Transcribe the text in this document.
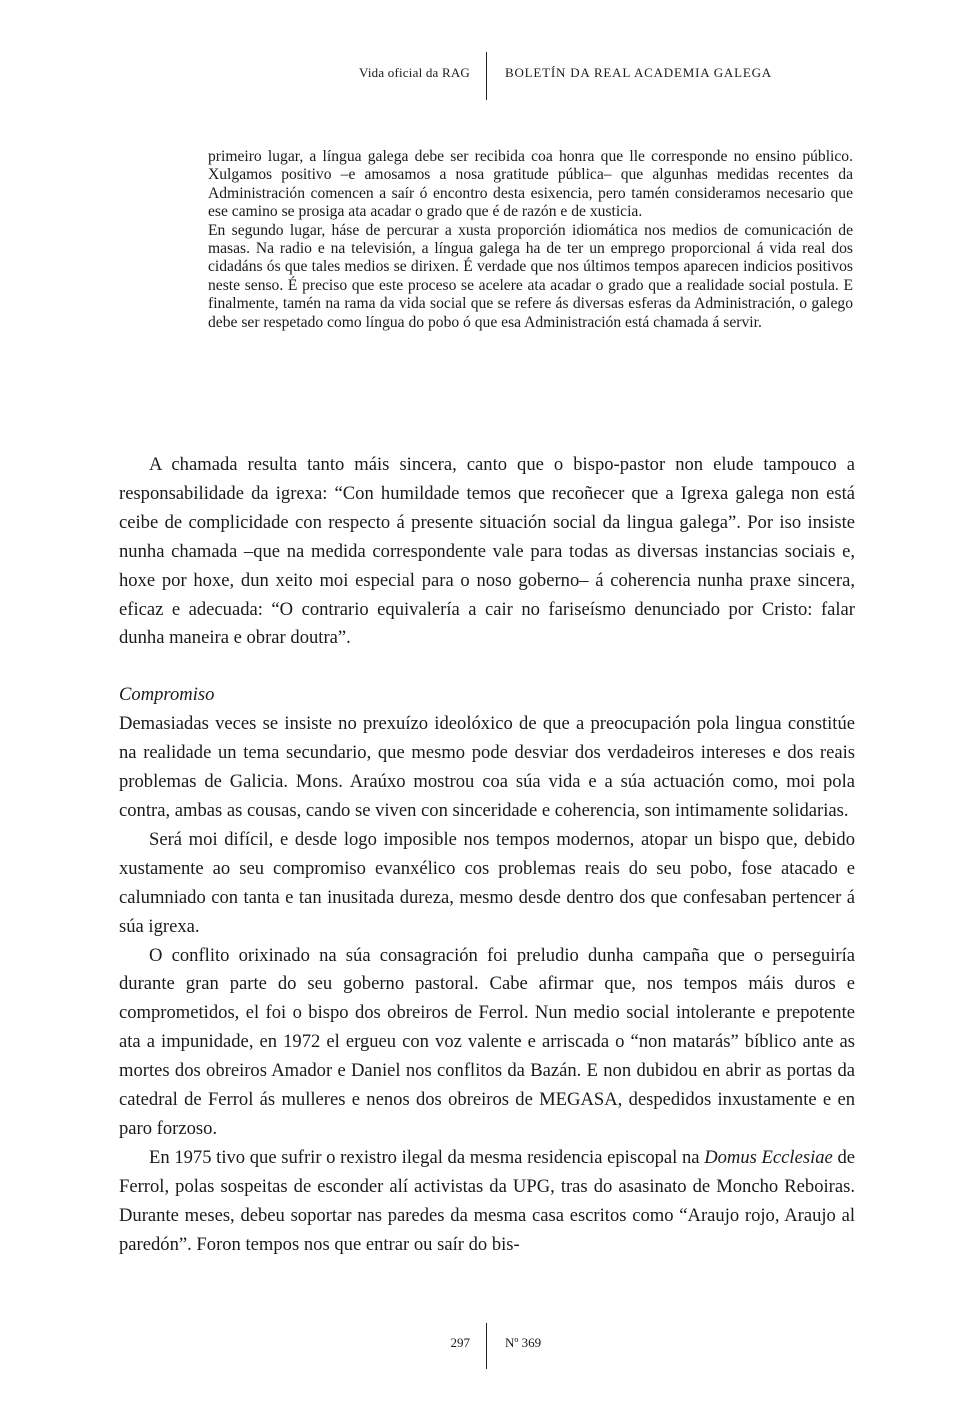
Vida oficial da RAG	BOLETÍN DA REAL ACADEMIA GALEGA

primeiro lugar, a língua galega debe ser recibida coa honra que lle corresponde no ensino público. Xulgamos positivo –e amosamos a nosa gratitude pública– que algunhas medidas recentes da Administración comencen a saír ó encontro desta esixencia, pero tamén consideramos necesario que ese camino se prosiga ata acadar o grado que é de razón e de xusticia.

En segundo lugar, háse de percurar a xusta proporción idiomática nos medios de comunicación de masas. Na radio e na televisión, a língua galega ha de ter un emprego proporcional á vida real dos cidadáns ós que tales medios se dirixen. É verdade que nos últimos tempos aparecen indicios positivos neste senso. É preciso que este proceso se acelere ata acadar o grado que a realidade social postula. E finalmente, tamén na rama da vida social que se refere ás diversas esferas da Administración, o galego debe ser respetado como língua do pobo ó que esa Administración está chamada á servir.

A chamada resulta tanto máis sincera, canto que o bispo-pastor non elude tampouco a responsabilidade da igrexa: “Con humildade temos que recoñecer que a Igrexa galega non está ceibe de complicidade con respecto á presente situación social da lingua galega”. Por iso insiste nunha chamada –que na medida correspondente vale para todas as diversas instancias sociais e, hoxe por hoxe, dun xeito moi especial para o noso goberno– á coherencia nunha praxe sincera, eficaz e adecuada: “O contrario equivalería a cair no fariseísmo denunciado por Cristo: falar dunha maneira e obrar doutra”.

Compromiso

Demasiadas veces se insiste no prexuízo ideolóxico de que a preocupación pola lingua constitúe na realidade un tema secundario, que mesmo pode desviar dos verdadeiros intereses e dos reais problemas de Galicia. Mons. Araúxo mostrou coa súa vida e a súa actuación como, moi pola contra, ambas as cousas, cando se viven con sinceridade e coherencia, son intimamente solidarias.

Será moi difícil, e desde logo imposible nos tempos modernos, atopar un bispo que, debido xustamente ao seu compromiso evanxélico cos problemas reais do seu pobo, fose atacado e calumniado con tanta e tan inusitada dureza, mesmo desde dentro dos que confesaban pertencer á súa igrexa.

O conflito orixinado na súa consagración foi preludio dunha campaña que o perseguiría durante gran parte do seu goberno pastoral. Cabe afirmar que, nos tempos máis duros e comprometidos, el foi o bispo dos obreiros de Ferrol. Nun medio social intolerante e prepotente ata a impunidade, en 1972 el ergueu con voz valente e arriscada o “non matarás” bíblico ante as mortes dos obreiros Amador e Daniel nos conflitos da Bazán. E non dubidou en abrir as portas da catedral de Ferrol ás mulleres e nenos dos obreiros de MEGASA, despedidos inxustamente e en paro forzoso.

En 1975 tivo que sufrir o rexistro ilegal da mesma residencia episcopal na Domus Ecclesiae de Ferrol, polas sospeitas de esconder alí activistas da UPG, tras do asasinato de Moncho Reboiras. Durante meses, debeu soportar nas paredes da mesma casa escritos como “Araujo rojo, Araujo al paredón”. Foron tempos nos que entrar ou saír do bis-

297	Nº 369
